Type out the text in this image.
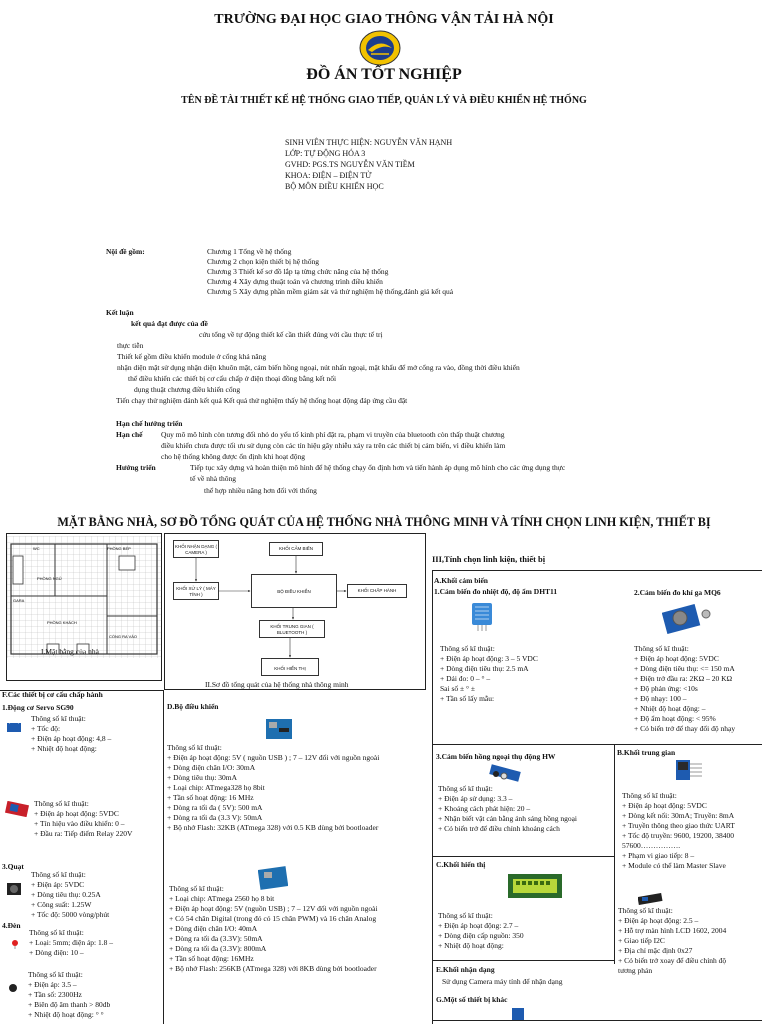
TRƯỜNG ĐẠI HỌC GIAO THÔNG VẬN TẢI HÀ NỘI
ĐỒ ÁN TỐT NGHIỆP
TÊN ĐỀ TÀI THIẾT KẾ HỆ THỐNG GIAO TIẾP, QUẢN LÝ VÀ ĐIỀU KHIỂN HỆ THỐNG
SINH VIÊN THỰC HIỆN: NGUYỄN VĂN HẠNH
LỚP: TỰ ĐỘNG HÓA 3
GVHD: PGS.TS NGUYỄN VĂN TIỀM
KHOA: ĐIỆN – ĐIỆN TỬ
BỘ MÔN ĐIỀU KHIỂN HỌC
Nội đề gồm:	Chương 1 Tổng về hệ thống
Chương 2 chọn kiện thiết bị hệ thống
Chương 3 Thiết kế sơ đồ lắp tạ từng chức năng của hệ thống
Chương 4 Xây dựng thuật toán và chương trình điều khiển
Chương 5 Xây dựng phần mềm giám sát và thử nghiệm hệ thống,đánh giá kết quả
Kết luận
kết quả đạt được của đề
cứu tổng về tự động thiết kế cần thiết đúng với cầu thực tế trị
thực tiễn
Thiết kế gồm điều khiển module ở cổng khả năng
nhận diện mặt sử dụng nhận diện khuôn mặt, cảm biến hồng ngoại, nút nhấn ngoại, mật khẩu để mở cổng ra vào, đồng thời điều khiển
thể điều khiển các thiết bị cơ cấu chấp ở điện thoại đồng bằng kết nối
dụng thuật chương điều khiển cổng
Tiến chạy thử nghiệm đánh kết quả Kết quả thử nghiệm thấy hệ thống hoạt động đáp ứng cầu đặt
Hạn chế hướng triển
Hạn chế Quy mô mô hình còn tương đối nhỏ do yếu tố kinh phí đặt ra, phạm vi truyền của bluetooth còn thấp thuật chương
điều khiển chưa được tối ưu sử dụng còn các tín hiệu gây nhiễu xảy ra trên các thiết bị cảm biến, vì điều khiển làm
cho hệ thống không được ổn định khi hoạt động
Hướng triển	Tiếp tục xây dựng và hoàn thiện mô hình để hệ thống chạy ổn định hơn và tiến hành áp dụng mô hình cho các ứng dụng thực
tế về nhà thông
thể hợp nhiều năng hơn đối với thống
MẶT BẰNG NHÀ, SƠ ĐỒ TỔNG QUÁT CỦA HỆ THỐNG NHÀ THÔNG MINH VÀ TÍNH CHỌN LINH KIỆN, THIẾT BỊ
PHÒNG NGỦ
PHÒNG BẾP
PHÒNG KHÁCH
CỔNG RA VÀO
WC
GARA
I.Mặt bằng của nhà
KHỐI NHẬN DẠNG ( CAMERA )
KHỐI CẢM BIẾN
KHỐI XỬ LÝ ( MÁY TÍNH )
BỘ ĐIỀU KHIỂN	KHỐI CHẤP HÀNH
KHỐI TRUNG GIAN ( BLUETOOTH )
KHỐI HIỂN THỊ
II.Sơ đồ tổng quát của hệ thống nhà thông minh
III,Tính chọn linh kiện, thiết bị
A.Khối cảm biến
1.Cảm biến đo nhiệt độ, độ ẩm DHT11
Thông số kĩ thuật:
+ Điện áp hoạt động: 3 – 5 VDC
+ Dòng điện tiêu thụ: 2.5 mA
+ Dải đo: 0 – ° –
Sai số ± ° ±
+ Tần số lấy mẫu:
2.Cảm biến đo khí ga MQ6
Thông số kĩ thuật:
+ Điện áp hoạt động: 5VDC
+ Dòng điện tiêu thụ: <= 150 mA
+ Điện trở đầu ra: 2KΩ – 20 KΩ
+ Độ phản ứng: <10s
+ Độ nhạy: 100 –
+ Nhiệt độ hoạt động: –
+ Độ ẩm hoạt động: < 95%
+ Có biến trở để thay đổi độ nhạy
3.Cảm biến hồng ngoại thụ động HW
Thông số kĩ thuật:
+ Điện áp sử dụng: 3.3 –
+ Khoảng cách phát hiện: 20 –
+ Nhận biết vật cản bằng ánh sáng hồng ngoại
+ Có biến trở để điều chỉnh khoảng cách
B.Khối trung gian
Thông số kĩ thuật:
+ Điện áp hoạt động: 5VDC
+ Dòng kết nối: 30mA; Truyền: 8mA
+ Truyền thông theo giao thức UART
+ Tốc độ truyền: 9600, 19200, 38400
57600…………….
+ Phạm vi giao tiếp: 8 –
+ Module có thể làm Master Slave
C.Khối hiển thị
Thông số kĩ thuật:
+ Điện áp hoạt động: 2.7 –
+ Dòng điện cấp nguồn: 350
+ Nhiệt độ hoạt động:
Thông số kĩ thuật:
+ Điện áp hoạt động: 2.5 –
+ Hỗ trợ màn hình LCD 1602, 2004
+ Giao tiếp I2C
+ Địa chỉ mặc định 0x27
+ Có biến trở xoay để điều chỉnh độ
tương phản
E.Khối nhận dạng
Sử dụng Camera máy tính để nhận dạng
G.Một số thiết bị khác
F.Các thiết bị cơ cấu chấp hành
1.Động cơ Servo SG90
Thông số kĩ thuật:
+ Tốc độ:
+ Điện áp hoạt động: 4,8 –
+ Nhiệt độ hoạt động:
Thông số kĩ thuật:
+ Điện áp hoạt động: 5VDC
+ Tín hiệu vào điều khiển: 0 –
+ Đầu ra: Tiếp điểm Relay 220V
3.Quạt
Thông số kĩ thuật:
+ Điện áp: 5VDC
+ Dòng tiêu thụ: 0.25A
+ Công suất: 1.25W
+ Tốc độ: 5000 vòng/phút
4.Đèn
Thông số kĩ thuật:
+ Loại: 5mm; điện áp: 1.8 –
+ Dòng điện: 10 –
Thông số kĩ thuật:
+ Điện áp: 3.5 –
+ Tần số: 2300Hz
+ Biên độ âm thanh > 80db
+ Nhiệt độ hoạt động: ° °
D.Bộ điều khiển
Thông số kĩ thuật:
+ Điện áp hoạt động: 5V ( nguồn USB ) ; 7 – 12V đối với nguồn ngoài
+ Dòng điện chân I/O: 30mA
+ Dòng tiêu thụ: 30mA
+ Loại chip: ATmega328 họ 8bit
+ Tần số hoạt động: 16 MHz
+ Dòng ra tối đa ( 5V): 500 mA
+ Dòng ra tối đa (3.3 V): 50mA
+ Bộ nhớ Flash: 32KB (ATmega 328) với 0.5 KB dùng bởi bootloader
Thông số kĩ thuật:
+ Loại chip: ATmega 2560 họ 8 bit
+ Điện áp hoạt động: 5V (nguồn USB) ; 7 – 12V đối với nguồn ngoài
+ Có 54 chân Digital (trong đó có 15 chân PWM) và 16 chân Analog
+ Dòng điện chân I/O: 40mA
+ Dòng ra tối đa (3.3V): 50mA
+ Dòng ra tối đa (3.3V): 800mA
+ Tần số hoạt động: 16MHz
+ Bộ nhớ Flash: 256KB (ATmega 328) với 8KB dùng bởi bootloader
